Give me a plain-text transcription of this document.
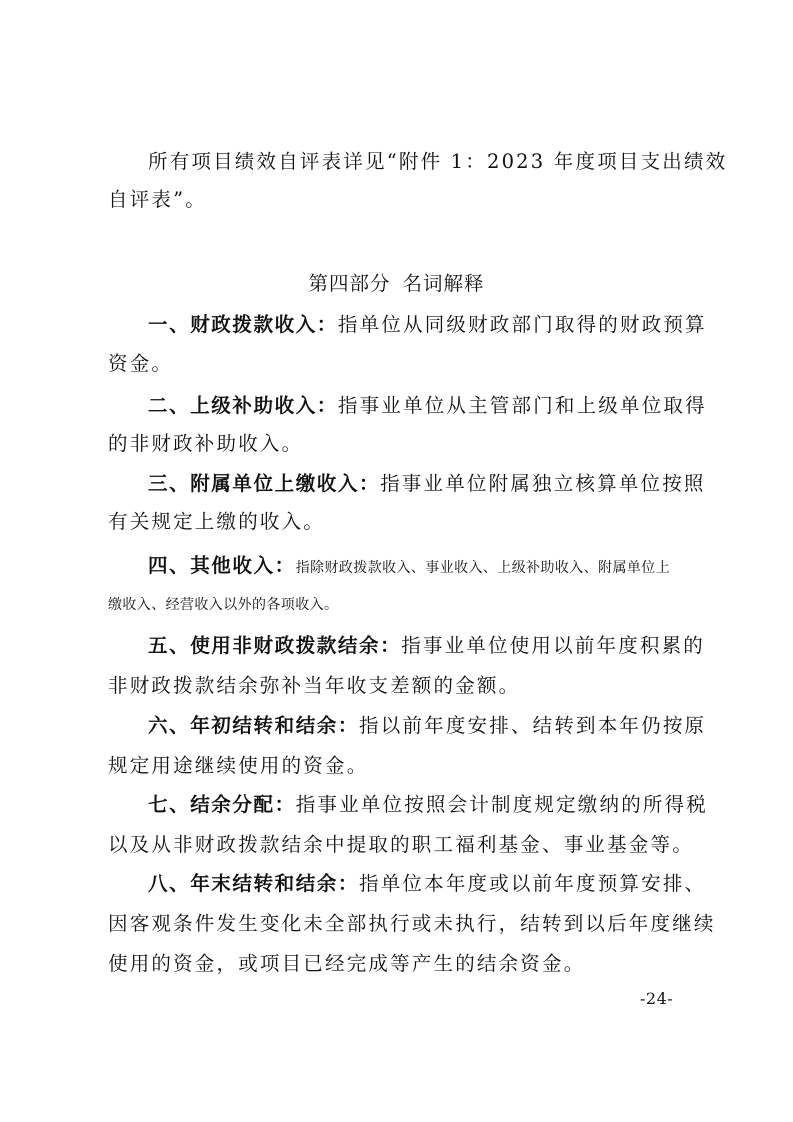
所有项目绩效自评表详见“附件 1：2023 年度项目支出绩效
自评表”。
第四部分 名词解释
一、财政拨款收入：指单位从同级财政部门取得的财政预算
资金。
二、上级补助收入：指事业单位从主管部门和上级单位取得
的非财政补助收入。
三、附属单位上缴收入：指事业单位附属独立核算单位按照
有关规定上缴的收入。
四、其他收入：指除财政拨款收入、事业收入、上级补助收入、附属单位上
缴收入、经营收入以外的各项收入。
五、使用非财政拨款结余：指事业单位使用以前年度积累的
非财政拨款结余弥补当年收支差额的金额。
六、年初结转和结余：指以前年度安排、结转到本年仍按原
规定用途继续使用的资金。
七、结余分配：指事业单位按照会计制度规定缴纳的所得税
以及从非财政拨款结余中提取的职工福利基金、事业基金等。
八、年末结转和结余：指单位本年度或以前年度预算安排、
因客观条件发生变化未全部执行或未执行，结转到以后年度继续
使用的资金，或项目已经完成等产生的结余资金。
-24-
